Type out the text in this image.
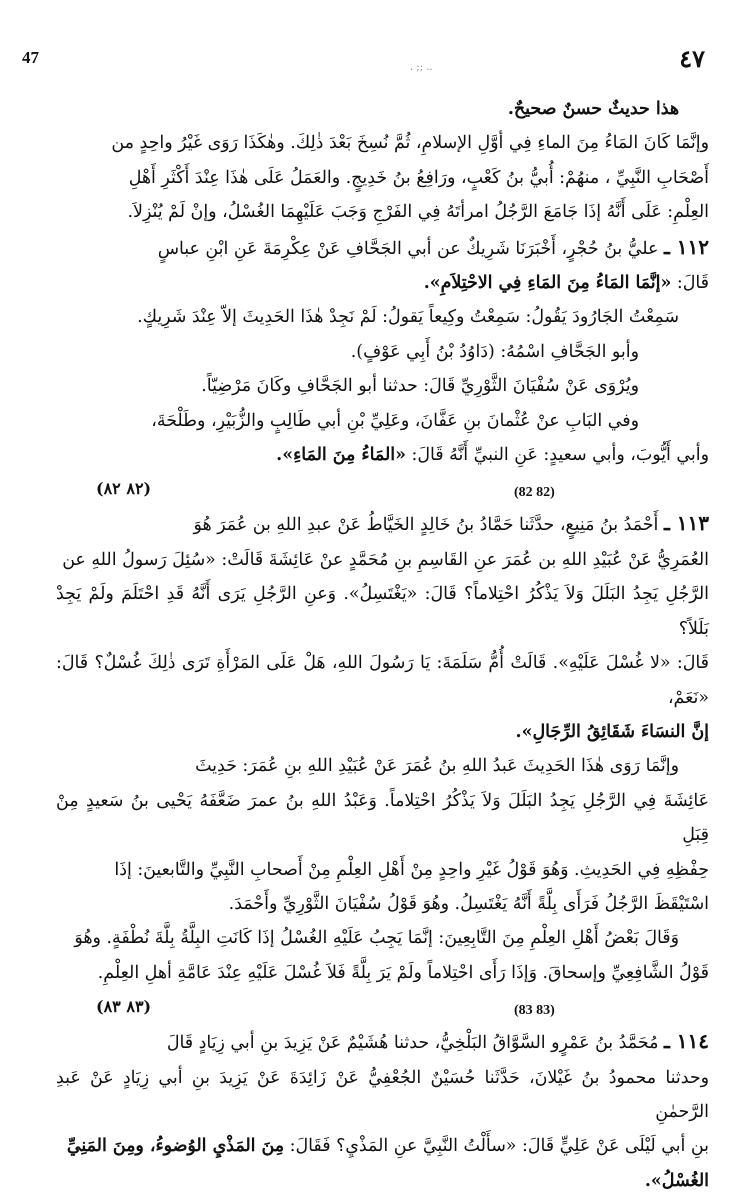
47
. ;; ..	٤٧

هذا حديثٌ حسنٌ صحيحٌ.

وإنَّمَا كَانَ المَاءُ مِنَ الماءِ فِي أوَّلِ الإسلامِ، ثُمَّ نُسِخَ بَعْدَ ذٰلِكَ. وهٰكَذَا رَوَى غَيْرُ واحِدٍ من

أَصْحَابِ النَّبِيِّ ، منهُمْ: أُبيُّ بنُ كَعْبٍ، ورَافِعُ بنُ خَدِيجٍ. والعَمَلُ عَلَى هٰذَا عِنْدَ أَكْثَرِ أَهْلِ

العِلْمِ: عَلَى أَنَّهُ إذَا جَامَعَ الرَّجُلُ امرأتَهُ فِي الفَرْجِ وَجَبَ عَلَيْهِمَا الغُسْلُ، وإنْ لَمْ يُنْزِلاَ.

١١٢ ـ عليُّ بنُ حُجْرٍ، أَخْبَرَنَا شَرِيكٌ عن أبي الجَحَّافِ عَنْ عِكْرِمَةَ عَنِ ابْنِ عباسٍ

قَالَ: «إنَّمَا المَاءُ مِنَ المَاءِ فِي الاحْتِلاَمِ».

سَمِعْتُ الجَارُودَ يَقُولُ: سَمِعْتُ وكِيعاً يَقولُ: لَمْ نَجِدْ هٰذَا الحَدِيثَ إلاّ عِنْدَ شَرِيكٍ.

وأبو الجَحَّافِ اسْمُهُ: (دَاوُدُ بْنُ أَبِي عَوْفٍ).

ويُرْوَى عَنْ سُفْيَانَ الثَّوْرِيِّ قَالَ: حدثنا أبو الجَحَّافِ وكَانَ مَرْضِيّاً.

وفي البَابِ عنْ عُثْمانَ بنِ عَفَّانَ، وعَلِيِّ بْنِ أبي طَالِبٍ والزُّبَيْرِ، وطَلْحَةَ،

وأبي أَيُّوبَ، وأبي سعيدٍ: عَنِ النبيِّ أَنَّهُ قَالَ: «المَاءُ مِنَ المَاءِ».

(٨٢ ٨٢)	(82 82)

١١٣ ـ أَحْمَدُ بنُ مَنِيعٍ، حدَّثَنا حَمَّادُ بنُ خَالِدٍ الخَيَّاطُ عَنْ عبدِ اللهِ بن عُمَرَ هُوَ

العُمَرِيُّ عَنْ عُبَيْدِ اللهِ بن عُمَرَ عنِ القَاسِمِ بنِ مُحَمَّدٍ عنْ عَائِشَةَ قَالَتْ: «سُئِلَ رَسولُ اللهِ عن

الرَّجُلِ يَجِدُ البَلَلَ وَلاَ يَذْكُرُ احْتِلاماً؟ قَالَ: «يَغْتَسِلُ». وَعنِ الرَّجُلِ يَرَى أَنَّهُ قَدِ احْتَلَمَ ولَمْ يَجِدْ بَلَلاً؟

قَالَ: «لا غُسْلَ عَلَيْهِ». قَالَتْ أُمُّ سَلَمَةَ: يَا رَسُولَ اللهِ، هَلْ عَلَى المَرْأَةِ تَرَى ذٰلِكَ غُسْلٌ؟ قَالَ: «نَعَمْ،

إنَّ النسَاءَ شَقَائِقُ الرِّجَالِ».

وإنَّمَا رَوَى هٰذَا الحَدِيثَ عَبدُ اللهِ بنُ عُمَرَ عَنْ عُبَيْدِ اللهِ بنِ عُمَرَ: حَدِيثَ

عَائِشَةَ فِي الرَّجُلِ يَجِدُ البَلَلَ وَلاَ يَذْكُرُ احْتِلاماً. وَعَبْدُ اللهِ بنُ عمرَ ضَعَّفَهُ يَحْيى بنُ سَعيدٍ مِنْ قِبَلِ

حِفْظِهِ فِي الحَدِيثِ. وَهُوَ قَوْلُ غَيْرِ واحِدٍ مِنْ أَهْلِ العِلْمِ مِنْ أَصحابِ النَّبِيِّ والتَّابعينَ: إذَا

اسْتَيْقَظَ الرَّجُلُ فَرَأَى بِلَّةً أَنَّهُ يَغْتَسِلُ. وهُوَ قَوْلُ سُفْيَانَ الثَّوْرِيِّ وأَحْمَدَ.

وَقَالَ بَعْضُ أَهْلِ العِلْمِ مِنَ التَّابِعِينَ: إنَّمَا يَجِبُ عَلَيْهِ الغُسْلُ إذَا كَانَتِ البِلَّةُ بِلَّةَ نُطْفَةٍ. وهُوَ

قَوْلُ الشَّافِعِيِّ وإسحاقَ. وَإذَا رَأَى احْتِلاماً ولَمْ يَرَ بِلَّةً فَلاَ غُسْلَ عَلَيْهِ عِنْدَ عَامَّةِ أهلِ العِلْمِ.

(٨٣ ٨٣)	(83 83)

١١٤ ـ مُحَمَّدُ بنُ عَمْرٍو السَّوَّاقُ البَلْخِيُّ، حدثنا هُشَيْمٌ عَنْ يَزِيدَ بنِ أبي زِيَادٍ قَالَ

وحدثنا محمودُ بنُ غَيْلانَ، حَدَّثَنا حُسَيْنٌ الجُعْفِيُّ عَنْ زَائِدَةَ عَنْ يَزِيدَ بنِ أبي زِيَادٍ عَنْ عَبدِ الرَّحمٰنِ

بنِ أبي لَيْلَى عَنْ عَلِيٍّ قَالَ: «سأَلْتُ النَّبِيَّ عنِ المَذْيِ؟ فَقَالَ: مِنَ المَذْيِ الوُضوءُ، ومِنَ المَنِيِّ

الغُسْلُ».
